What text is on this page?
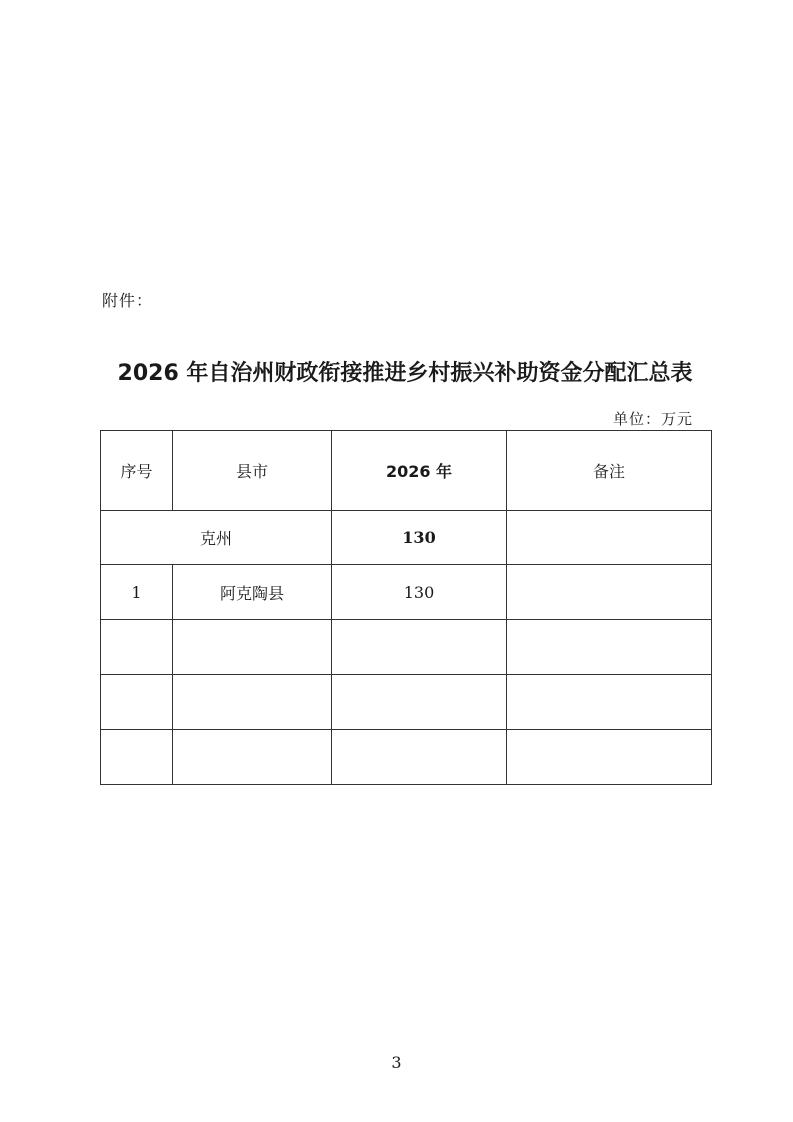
附件：
2026 年自治州财政衔接推进乡村振兴补助资金分配汇总表
单位：万元
序号	县市	2026 年	备注
克州		130	
1	阿克陶县	130	

3
